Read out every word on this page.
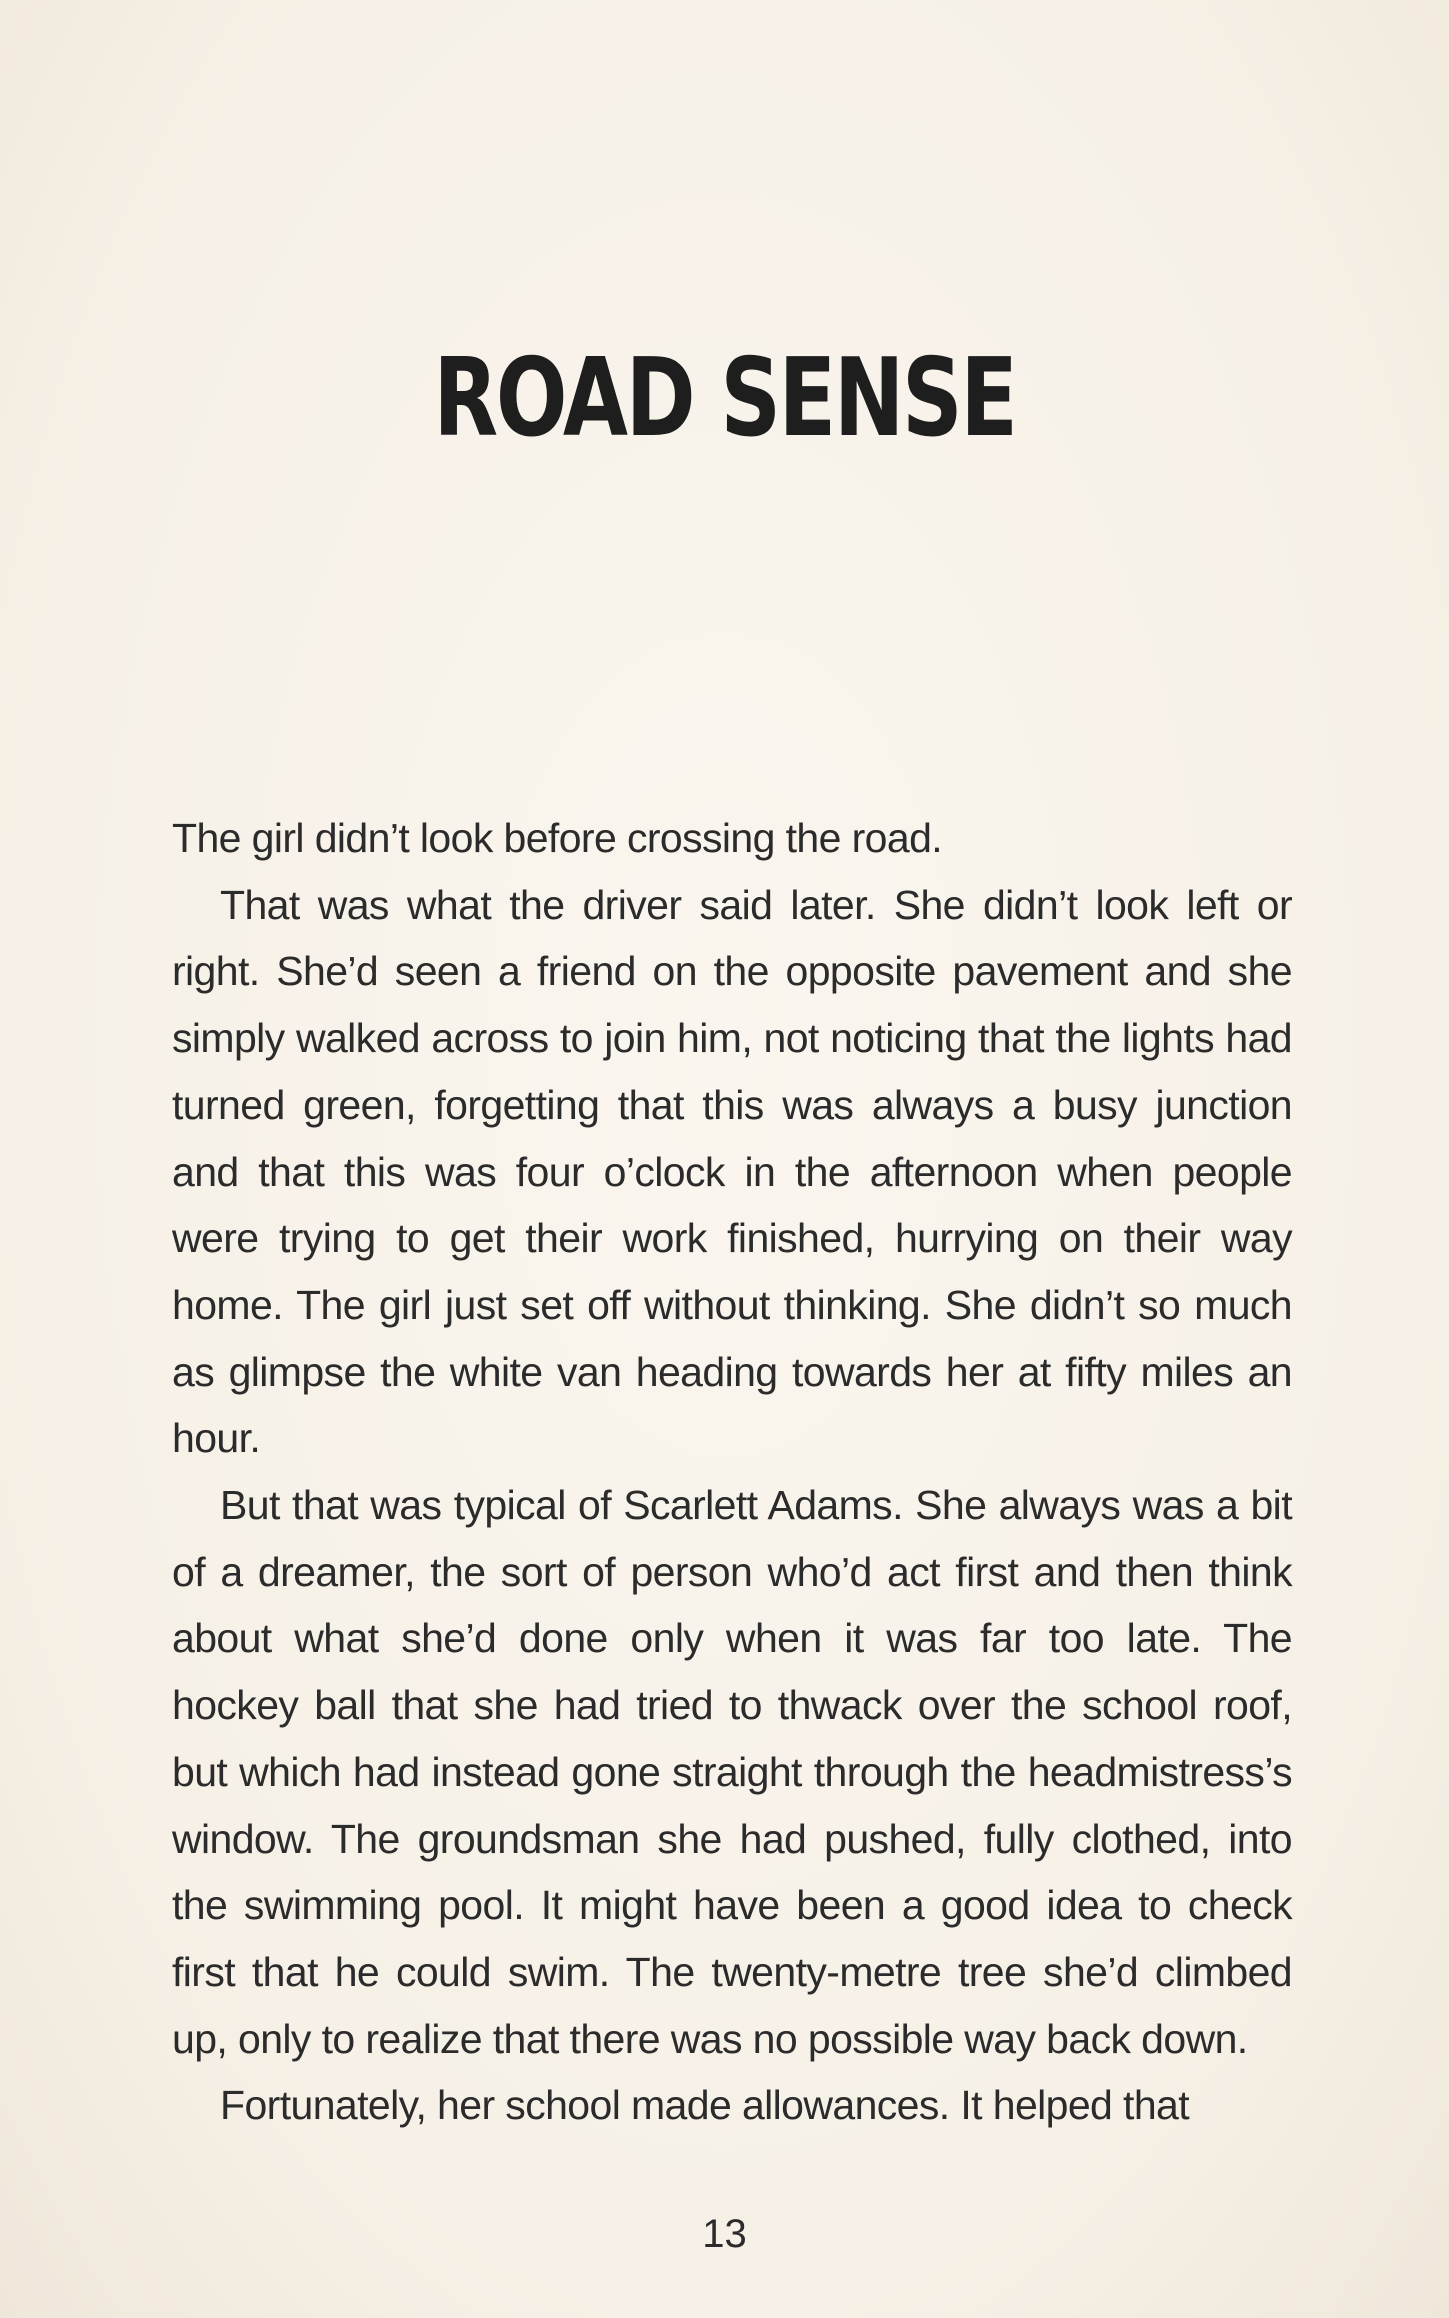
ROAD SENSE

The girl didn’t look before crossing the road.

That was what the driver said later. She didn’t look left or right. She’d seen a friend on the opposite pavement and she simply walked across to join him, not noticing that the lights had turned green, forgetting that this was always a busy junction and that this was four o’clock in the afternoon when people were trying to get their work finished, hurrying on their way home. The girl just set off without thinking. She didn’t so much as glimpse the white van heading towards her at fifty miles an hour.

But that was typical of Scarlett Adams. She always was a bit of a dreamer, the sort of person who’d act first and then think about what she’d done only when it was far too late. The hockey ball that she had tried to thwack over the school roof, but which had instead gone straight through the headmistress’s window. The groundsman she had pushed, fully clothed, into the swimming pool. It might have been a good idea to check first that he could swim. The twenty-metre tree she’d climbed up, only to realize that there was no possible way back down.

Fortunately, her school made allowances. It helped that

13
